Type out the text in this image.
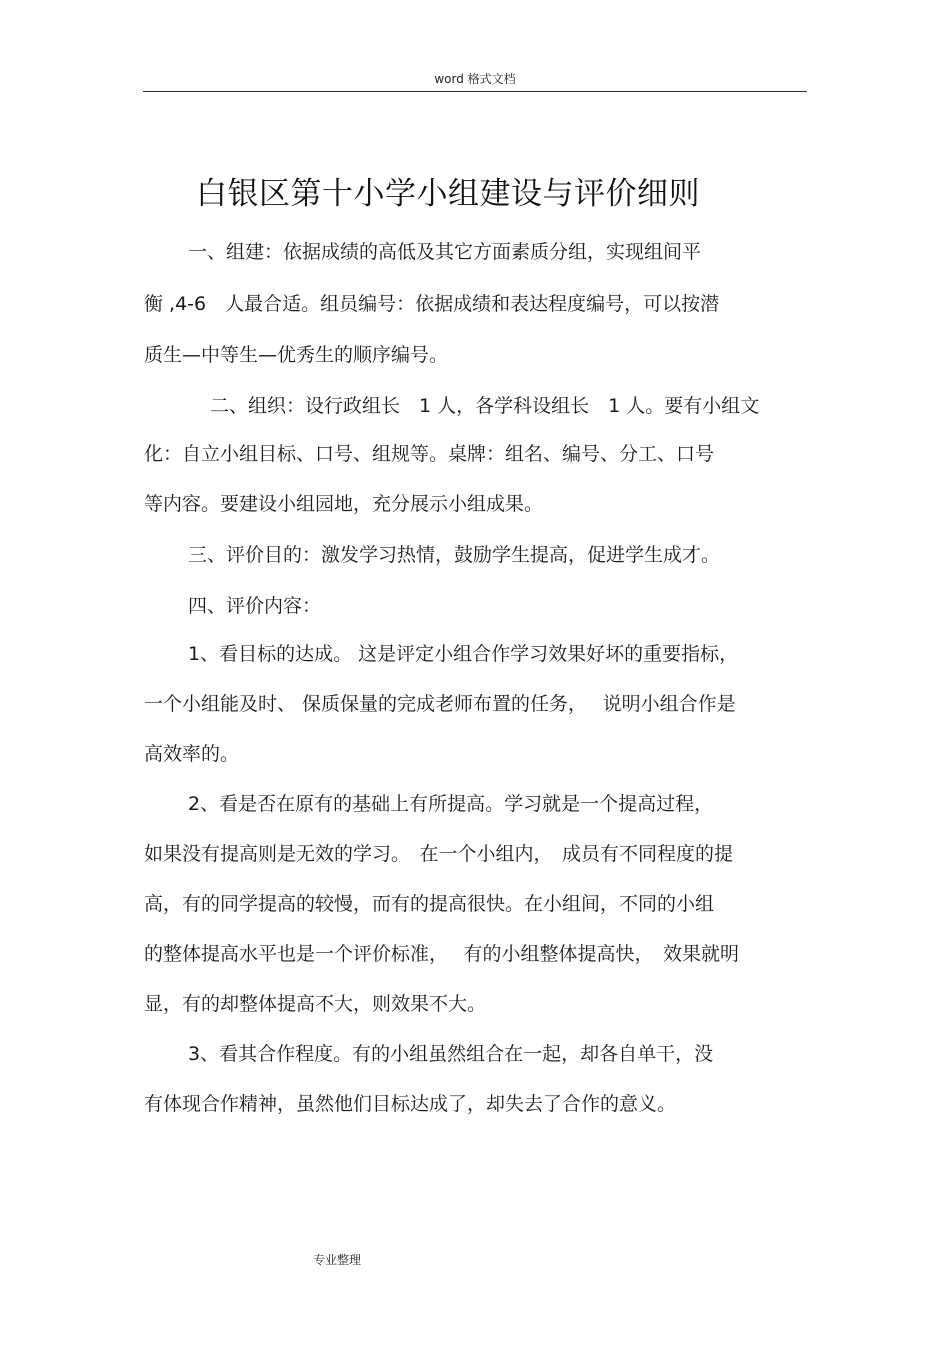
word 格式文档
白银区第十小学小组建设与评价细则
一、组建：依据成绩的高低及其它方面素质分组，实现组间平
衡 ,4-6　人最合适。组员编号：依据成绩和表达程度编号，可以按潜
质生—中等生—优秀生的顺序编号。
二、组织：设行政组长　1 人，各学科设组长　1 人。要有小组文
化：自立小组目标、口号、组规等。桌牌：组名、编号、分工、口号
等内容。要建设小组园地，充分展示小组成果。
三、评价目的：激发学习热情，鼓励学生提高，促进学生成才。
四、评价内容：
1、看目标的达成。 这是评定小组合作学习效果好坏的重要指标，
一个小组能及时、 保质保量的完成老师布置的任务，　 说明小组合作是
高效率的。
2、看是否在原有的基础上有所提高。学习就是一个提高过程，
如果没有提高则是无效的学习。　在一个小组内，　成员有不同程度的提
高，有的同学提高的较慢，而有的提高很快。在小组间，不同的小组
的整体提高水平也是一个评价标准，　 有的小组整体提高快，　效果就明
显，有的却整体提高不大，则效果不大。
3、看其合作程度。有的小组虽然组合在一起，却各自单干，没
有体现合作精神，虽然他们目标达成了，却失去了合作的意义。
专业整理
